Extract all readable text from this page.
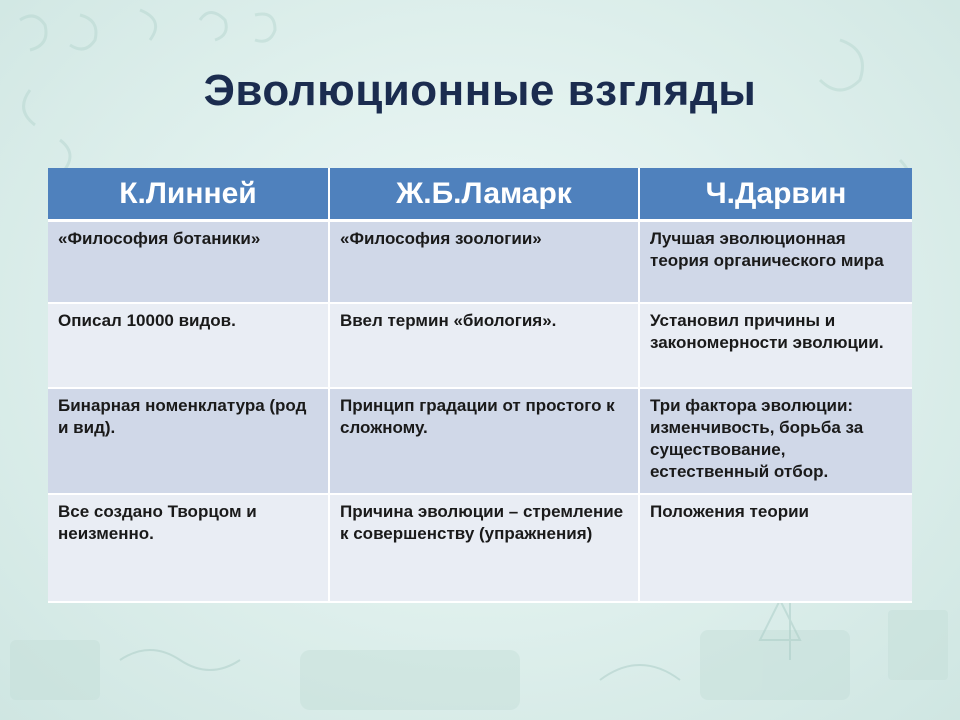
Эволюционные взгляды
К.Линней	Ж.Б.Ламарк	Ч.Дарвин
«Философия ботаники»	«Философия зоологии»	Лучшая эволюционная теория органического мира
Описал 10000 видов.	Ввел термин «биология».	Установил причины и закономерности эволюции.
Бинарная номенклатура (род и вид).	Принцип градации от простого к сложному.	Три фактора эволюции: изменчивость, борьба за существование, естественный отбор.
Все создано Творцом и неизменно.	Причина эволюции – стремление к совершенству (упражнения)	Положения теории
